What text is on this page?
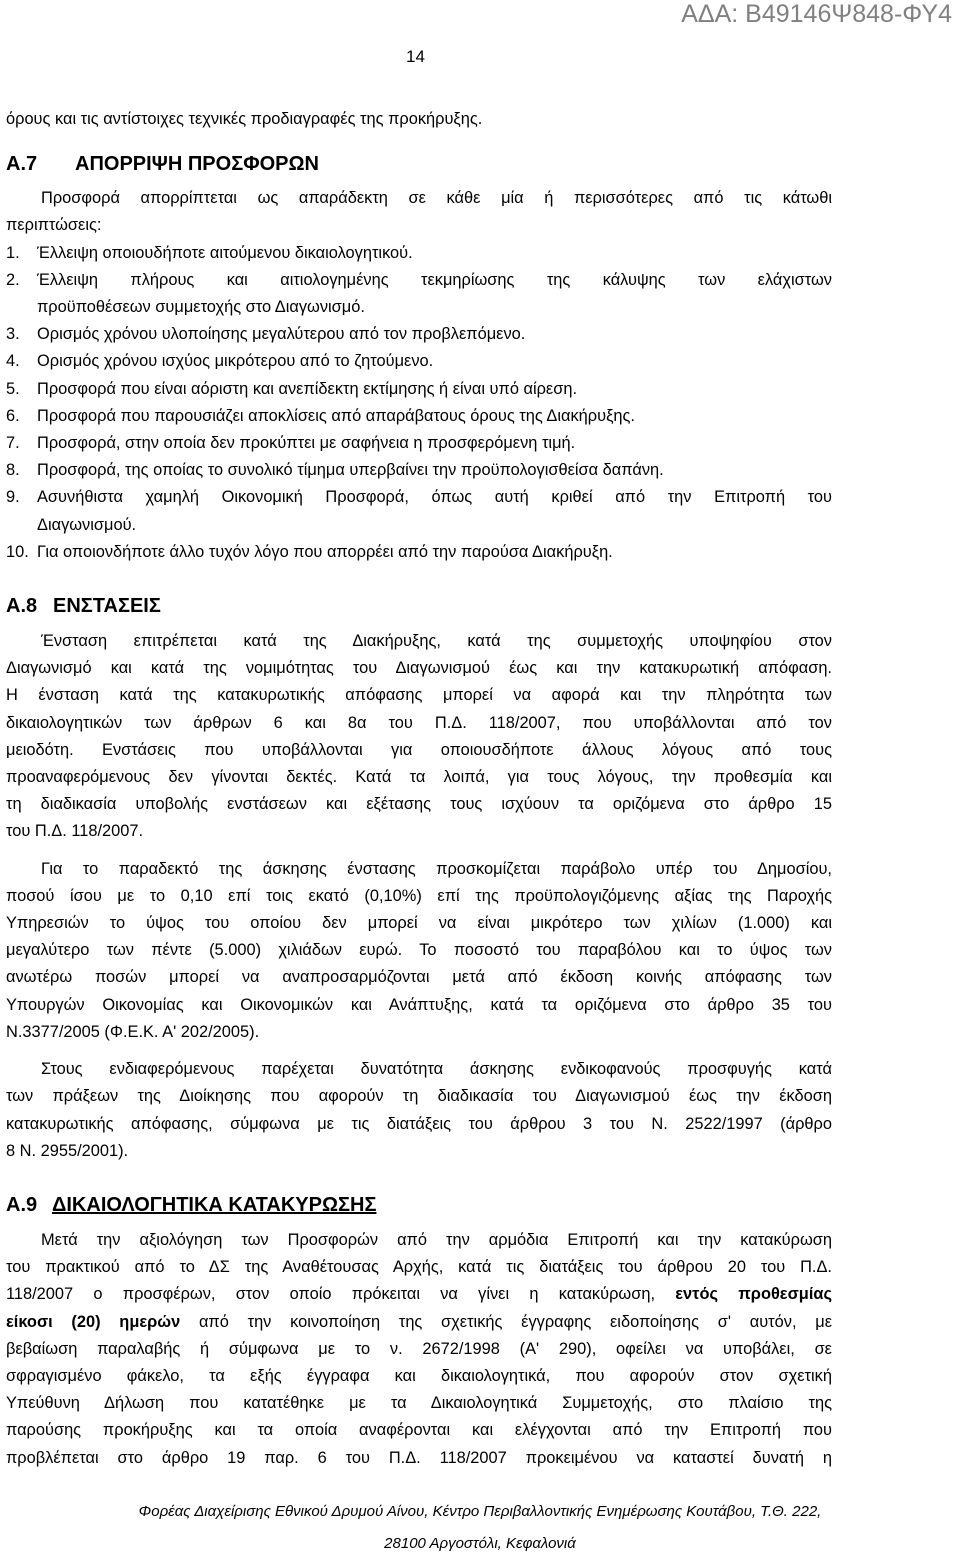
ΑΔΑ: Β49146Ψ848-ΦΥ4
14

όρους και τις αντίστοιχες τεχνικές προδιαγραφές της προκήρυξης.

Α.7	ΑΠΟΡΡΙΨΗ ΠΡΟΣΦΟΡΩΝ

Προσφορά απορρίπτεται ως απαράδεκτη σε κάθε μία ή περισσότερες από τις κάτωθι

περιπτώσεις:

1.	Έλλειψη οποιουδήποτε αιτούμενου δικαιολογητικού.
2.	Έλλειψη πλήρους και αιτιολογημένης τεκμηρίωσης της κάλυψης των ελάχιστων
προϋποθέσεων συμμετοχής στο Διαγωνισμό.
3.	Ορισμός χρόνου υλοποίησης μεγαλύτερου από τον προβλεπόμενο.
4.	Ορισμός χρόνου ισχύος μικρότερου από το ζητούμενο.
5.	Προσφορά που είναι αόριστη και ανεπίδεκτη εκτίμησης ή είναι υπό αίρεση.
6.	Προσφορά που παρουσιάζει αποκλίσεις από απαράβατους όρους της Διακήρυξης.
7.	Προσφορά, στην οποία δεν προκύπτει με σαφήνεια η προσφερόμενη τιμή.
8.	Προσφορά, της οποίας το συνολικό τίμημα υπερβαίνει την προϋπολογισθείσα δαπάνη.
9.	Ασυνήθιστα χαμηλή Οικονομική Προσφορά, όπως αυτή κριθεί από την Επιτροπή του
Διαγωνισμού.
10. Για οποιονδήποτε άλλο τυχόν λόγο που απορρέει από την παρούσα Διακήρυξη.
Α.8 ΕΝΣΤΑΣΕΙΣ

Ένσταση επιτρέπεται κατά της Διακήρυξης, κατά της συμμετοχής υποψηφίου στον

Διαγωνισμό και κατά της νομιμότητας του Διαγωνισμού έως και την κατακυρωτική απόφαση.

Η ένσταση κατά της κατακυρωτικής απόφασης μπορεί να αφορά και την πληρότητα των

δικαιολογητικών των άρθρων 6 και 8α του Π.Δ. 118/2007, που υποβάλλονται από τον

μειοδότη. Ενστάσεις που υποβάλλονται για οποιουσδήποτε άλλους λόγους από τους

προαναφερόμενους δεν γίνονται δεκτές. Κατά τα λοιπά, για τους λόγους, την προθεσμία και

τη διαδικασία υποβολής ενστάσεων και εξέτασης τους ισχύουν τα οριζόμενα στο άρθρο 15

του Π.Δ. 118/2007.

Για το παραδεκτό της άσκησης ένστασης προσκομίζεται παράβολο υπέρ του Δημοσίου,

ποσού ίσου με το 0,10 επί τοις εκατό (0,10%) επί της προϋπολογιζόμενης αξίας της Παροχής

Υπηρεσιών το ύψος του οποίου δεν μπορεί να είναι μικρότερο των χιλίων (1.000) και

μεγαλύτερο των πέντε (5.000) χιλιάδων ευρώ. Το ποσοστό του παραβόλου και το ύψος των

ανωτέρω ποσών μπορεί να αναπροσαρμόζονται μετά από έκδοση κοινής απόφασης των

Υπουργών Οικονομίας και Οικονομικών και Ανάπτυξης, κατά τα οριζόμενα στο άρθρο 35 του

Ν.3377/2005 (Φ.Ε.Κ. Α' 202/2005).

Στους ενδιαφερόμενους παρέχεται δυνατότητα άσκησης ενδικοφανούς προσφυγής κατά

των πράξεων της Διοίκησης που αφορούν τη διαδικασία του Διαγωνισμού έως την έκδοση

κατακυρωτικής απόφασης, σύμφωνα με τις διατάξεις του άρθρου 3 του Ν. 2522/1997 (άρθρο

8 Ν. 2955/2001).

Α.9 ΔΙΚΑΙΟΛΟΓΗΤΙΚΑ ΚΑΤΑΚΥΡΩΣΗΣ

Μετά την αξιολόγηση των Προσφορών από την αρμόδια Επιτροπή και την κατακύρωση

του πρακτικού από το ΔΣ της Αναθέτουσας Αρχής, κατά τις διατάξεις του άρθρου 20 του Π.Δ.

118/2007 ο προσφέρων, στον οποίο πρόκειται να γίνει η κατακύρωση, εντός προθεσμίας

είκοσι (20) ημερών από την κοινοποίηση της σχετικής έγγραφης ειδοποίησης σ' αυτόν, με

βεβαίωση παραλαβής ή σύμφωνα με το ν. 2672/1998 (Α' 290), οφείλει να υποβάλει, σε

σφραγισμένο φάκελο, τα εξής έγγραφα και δικαιολογητικά, που αφορούν στον σχετική

Υπεύθυνη Δήλωση που κατατέθηκε με τα Δικαιολογητικά Συμμετοχής, στο πλαίσιο της

παρούσης προκήρυξης και τα οποία αναφέρονται και ελέγχονται από την Επιτροπή που

προβλέπεται στο άρθρο 19 παρ. 6 του Π.Δ. 118/2007 προκειμένου να καταστεί δυνατή η

Φορέας Διαχείρισης Εθνικού Δρυμού Αίνου, Κέντρο Περιβαλλοντικής Ενημέρωσης Κουτάβου, Τ.Θ. 222,
28100 Αργοστόλι, Κεφαλονιά
